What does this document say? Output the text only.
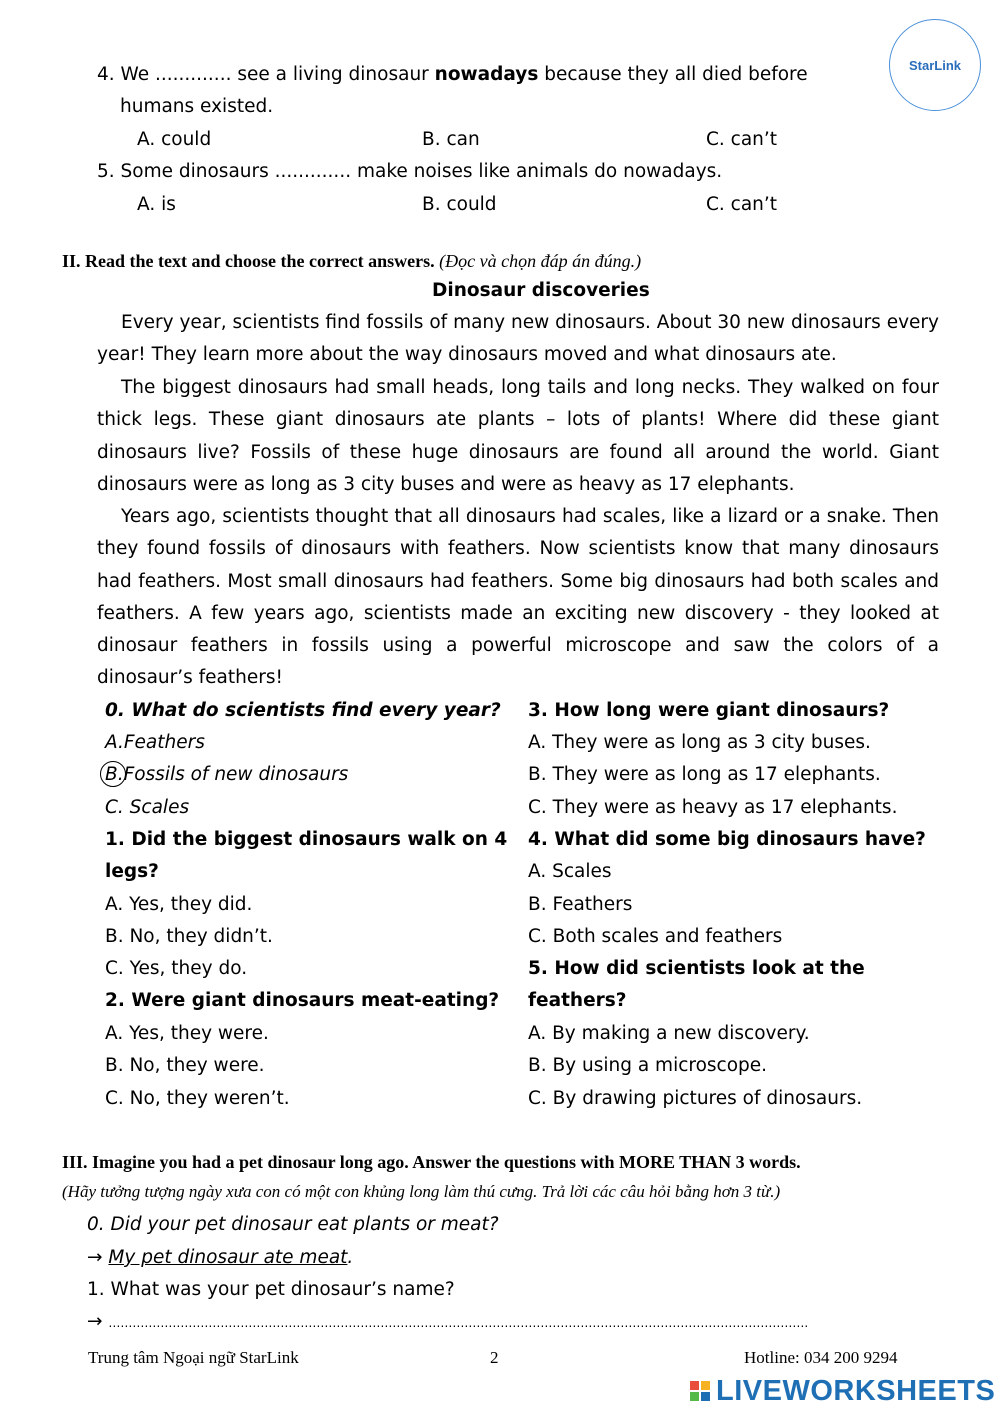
StarLink
4. We ............. see a living dinosaur nowadays because they all died before
humans existed.
A. could	B. can	C. can’t
5. Some dinosaurs ............. make noises like animals do nowadays.
A. is	B. could	C. can’t
II. Read the text and choose the correct answers. (Đọc và chọn đáp án đúng.)
Dinosaur discoveries
Every year, scientists find fossils of many new dinosaurs. About 30 new dinosaurs every year! They learn more about the way dinosaurs moved and what dinosaurs ate.
The biggest dinosaurs had small heads, long tails and long necks. They walked on four thick legs. These giant dinosaurs ate plants – lots of plants! Where did these giant dinosaurs live? Fossils of these huge dinosaurs are found all around the world. Giant dinosaurs were as long as 3 city buses and were as heavy as 17 elephants.
Years ago, scientists thought that all dinosaurs had scales, like a lizard or a snake. Then they found fossils of dinosaurs with feathers. Now scientists know that many dinosaurs had feathers. Most small dinosaurs had feathers. Some big dinosaurs had both scales and feathers. A few years ago, scientists made an exciting new discovery - they looked at dinosaur feathers in fossils using a powerful microscope and saw the colors of a dinosaur’s feathers!
0. What do scientists find every year?
A.Feathers
B.Fossils of new dinosaurs
C. Scales
1. Did the biggest dinosaurs walk on 4
legs?
A. Yes, they did.
B. No, they didn’t.
C. Yes, they do.
2. Were giant dinosaurs meat-eating?
A. Yes, they were.
B. No, they were.
C. No, they weren’t.
3. How long were giant dinosaurs?
A. They were as long as 3 city buses.
B. They were as long as 17 elephants.
C. They were as heavy as 17 elephants.
4. What did some big dinosaurs have?
A. Scales
B. Feathers
C. Both scales and feathers
5. How did scientists look at the
feathers?
A. By making a new discovery.
B. By using a microscope.
C. By drawing pictures of dinosaurs.
III. Imagine you had a pet dinosaur long ago. Answer the questions with MORE THAN 3 words.
(Hãy tưởng tượng ngày xưa con có một con khủng long làm thú cưng. Trả lời các câu hỏi bằng hơn 3 từ.)
0. Did your pet dinosaur eat plants or meat?
→ My pet dinosaur ate meat.
1. What was your pet dinosaur’s name?
→ ………………………………………………………………………………………………………………………………………………………….
Trung tâm Ngoại ngữ StarLink	2	Hotline: 034 200 9294
LIVEWORKSHEETS
